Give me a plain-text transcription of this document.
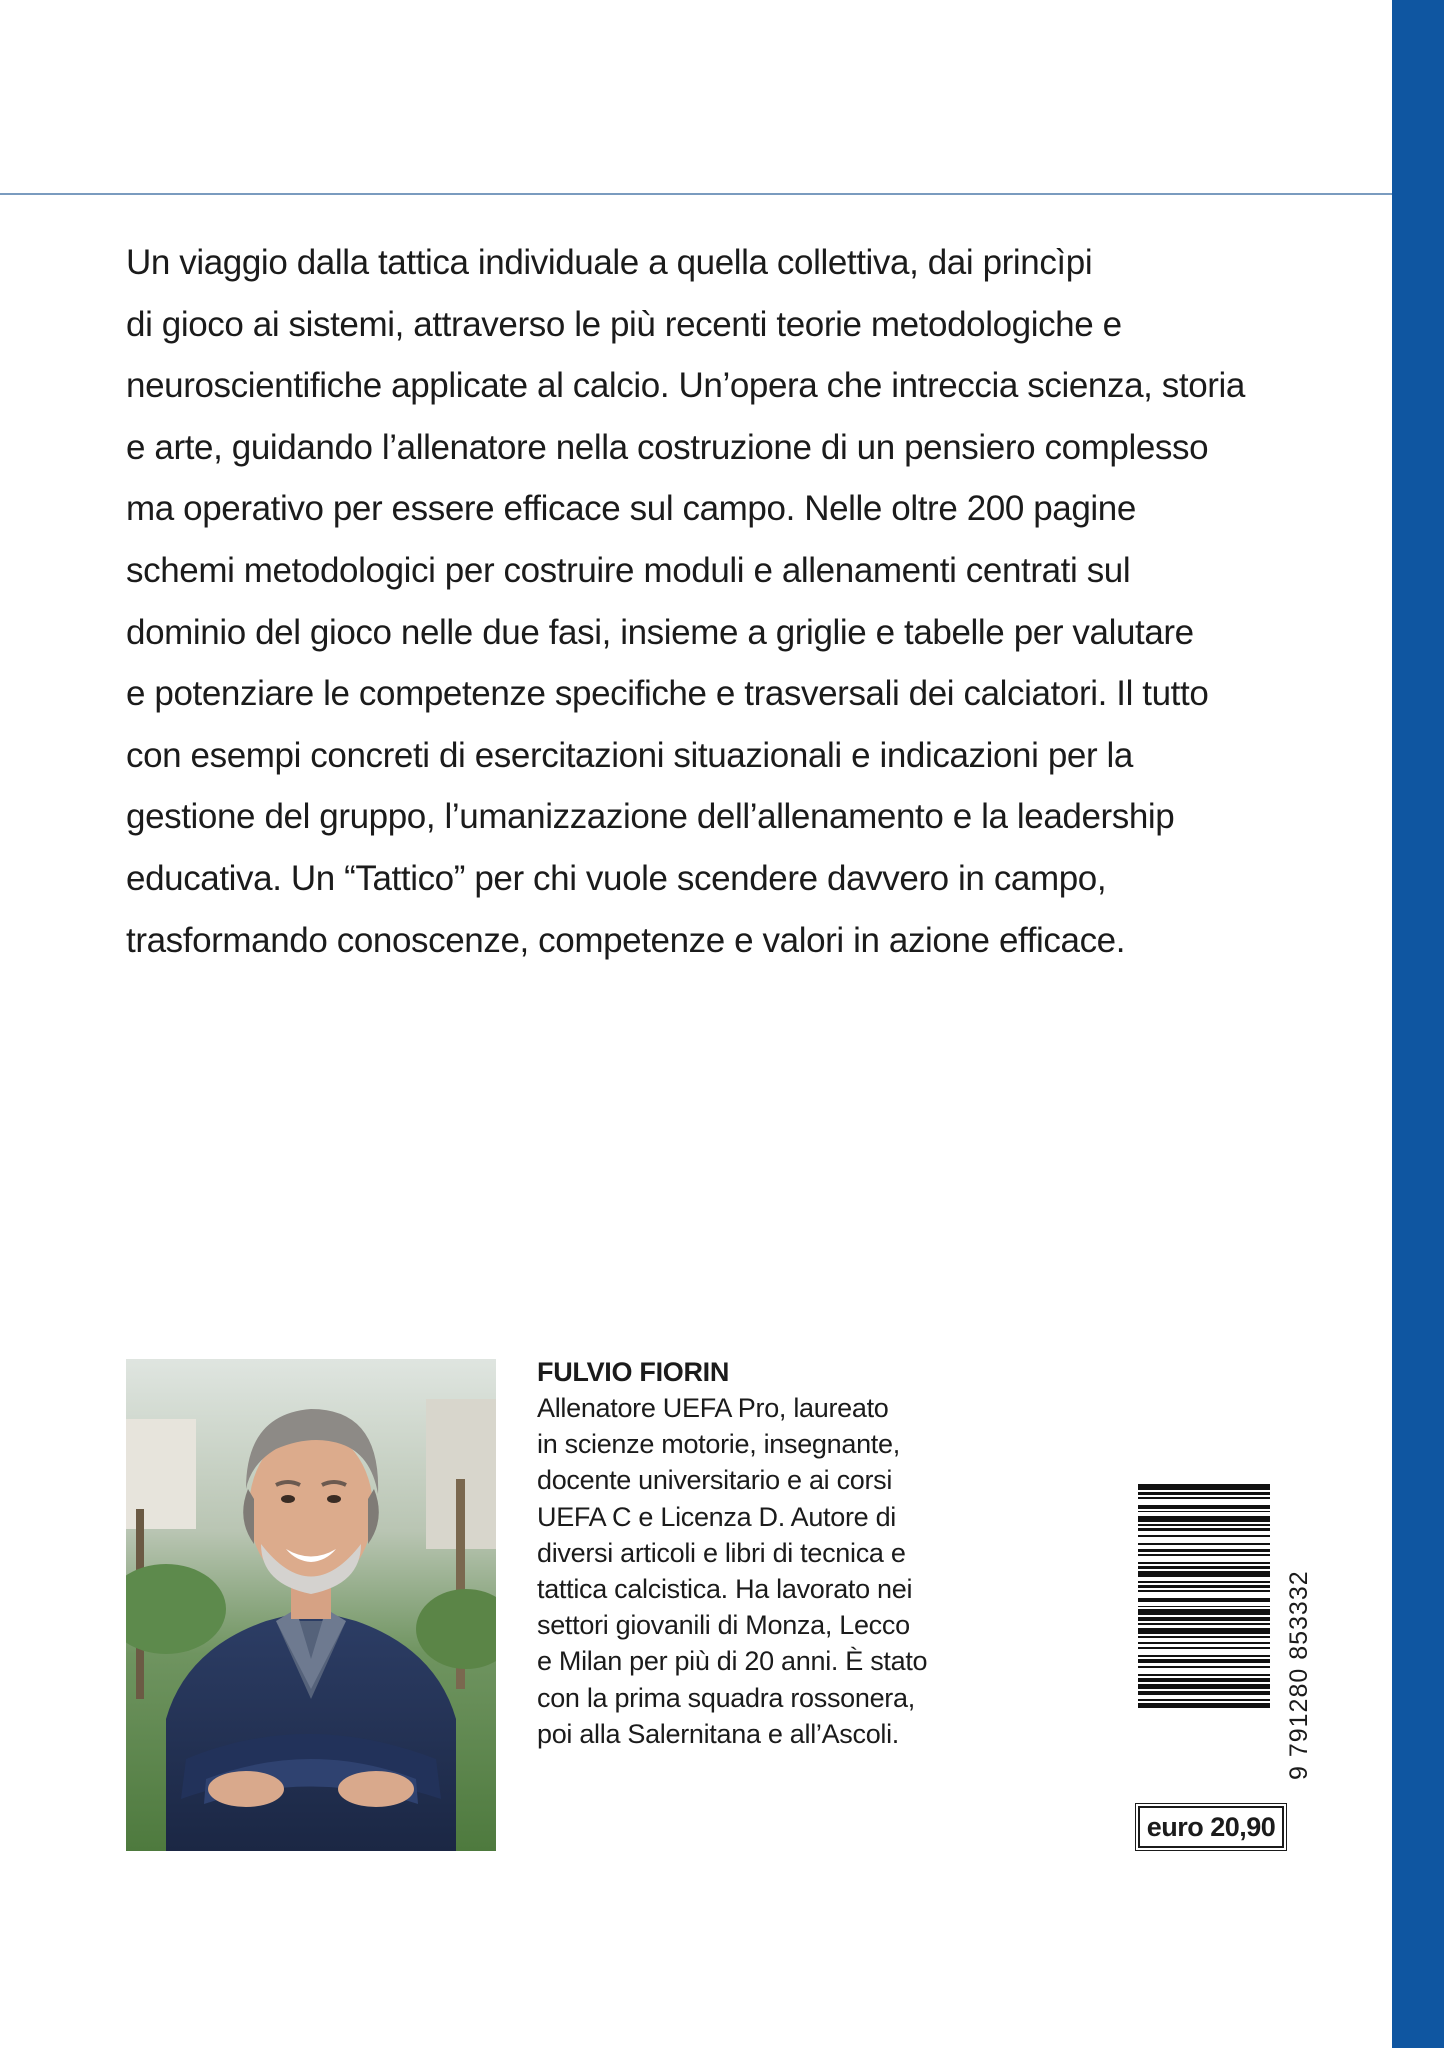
Un viaggio dalla tattica individuale a quella collettiva, dai princìpi
di gioco ai sistemi, attraverso le più recenti teorie metodologiche e
neuroscientifiche applicate al calcio. Un’opera che intreccia scienza, storia
e arte, guidando l’allenatore nella costruzione di un pensiero complesso
ma operativo per essere efficace sul campo. Nelle oltre 200 pagine
schemi metodologici per costruire moduli e allenamenti centrati sul
dominio del gioco nelle due fasi, insieme a griglie e tabelle per valutare
e potenziare le competenze specifiche e trasversali dei calciatori. Il tutto
con esempi concreti di esercitazioni situazionali e indicazioni per la
gestione del gruppo, l’umanizzazione dell’allenamento e la leadership
educativa. Un “Tattico” per chi vuole scendere davvero in campo,
trasformando conoscenze, competenze e valori in azione efficace.

FULVIO FIORIN
Allenatore UEFA Pro, laureato
in scienze motorie, insegnante,
docente universitario e ai corsi
UEFA C e Licenza D. Autore di
diversi articoli e libri di tecnica e
tattica calcistica. Ha lavorato nei
settori giovanili di Monza, Lecco
e Milan per più di 20 anni. È stato
con la prima squadra rossonera,
poi alla Salernitana e all’Ascoli.	9 791280 853332
euro 20,90
